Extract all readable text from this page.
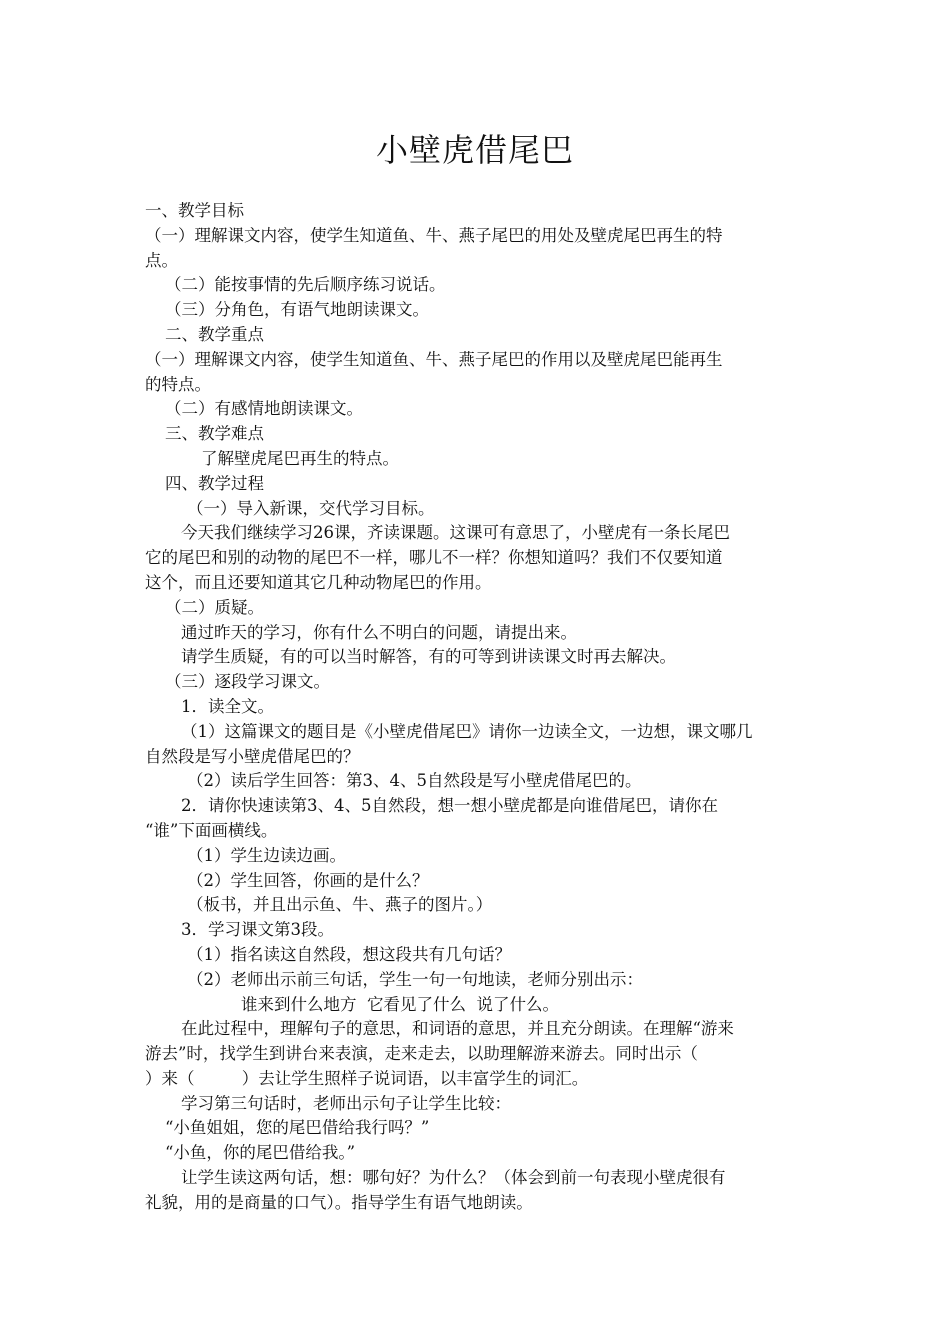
小壁虎借尾巴
一、教学目标
（一）理解课文内容，使学生知道鱼、牛、燕子尾巴的用处及壁虎尾巴再生的特
点。
（二）能按事情的先后顺序练习说话。
（三）分角色，有语气地朗读课文。
二、教学重点
（一）理解课文内容，使学生知道鱼、牛、燕子尾巴的作用以及壁虎尾巴能再生
的特点。
（二）有感情地朗读课文。
三、教学难点
了解壁虎尾巴再生的特点。
四、教学过程
（一）导入新课，交代学习目标。
今天我们继续学习26课，齐读课题。这课可有意思了，小壁虎有一条长尾巴
它的尾巴和别的动物的尾巴不一样，哪儿不一样？你想知道吗？我们不仅要知道
这个，而且还要知道其它几种动物尾巴的作用。
（二）质疑。
通过昨天的学习，你有什么不明白的问题，请提出来。
请学生质疑，有的可以当时解答，有的可等到讲读课文时再去解决。
（三）逐段学习课文。
1．读全文。
（1）这篇课文的题目是《小壁虎借尾巴》请你一边读全文，一边想，课文哪几
自然段是写小壁虎借尾巴的？
（2）读后学生回答：第3、4、5自然段是写小壁虎借尾巴的。
2．请你快速读第3、4、5自然段，想一想小壁虎都是向谁借尾巴，请你在
“谁”下面画横线。
（1）学生边读边画。
（2）学生回答，你画的是什么？
（板书，并且出示鱼、牛、燕子的图片。）
3．学习课文第3段。
（1）指名读这自然段，想这段共有几句话？
（2）老师出示前三句话，学生一句一句地读，老师分别出示：
谁来到什么地方  它看见了什么  说了什么。
在此过程中，理解句子的意思，和词语的意思，并且充分朗读。在理解“游来
游去”时，找学生到讲台来表演，走来走去，以助理解游来游去。同时出示（
）来（         ）去让学生照样子说词语，以丰富学生的词汇。
学习第三句话时，老师出示句子让学生比较：
“小鱼姐姐，您的尾巴借给我行吗？”
“小鱼，你的尾巴借给我。”
让学生读这两句话，想：哪句好？为什么？（体会到前一句表现小壁虎很有
礼貌，用的是商量的口气）。指导学生有语气地朗读。
